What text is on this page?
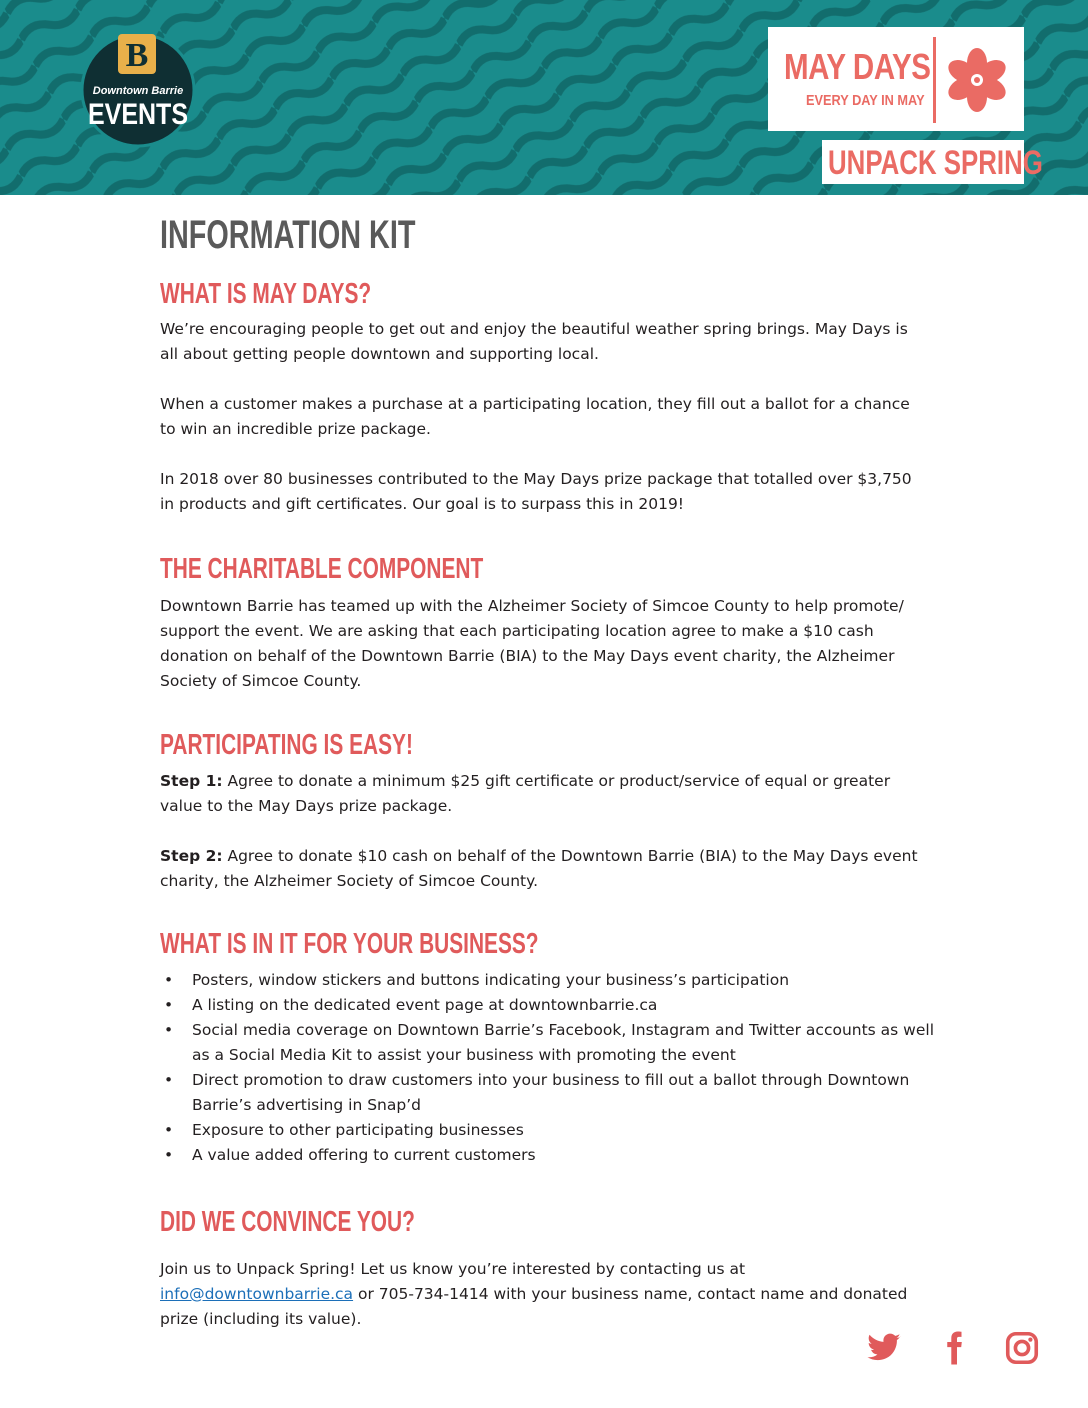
B
Downtown Barrie
EVENTS
MAY DAYS
EVERY DAY IN MAY
UNPACK SPRING
INFORMATION KIT
WHAT IS MAY DAYS?
We’re encouraging people to get out and enjoy the beautiful weather spring brings. May Days is all about getting people downtown and supporting local.
When a customer makes a purchase at a participating location, they fill out a ballot for a chance to win an incredible prize package.
In 2018 over 80 businesses contributed to the May Days prize package that totalled over $3,750 in products and gift certificates. Our goal is to surpass this in 2019!
THE CHARITABLE COMPONENT
Downtown Barrie has teamed up with the Alzheimer Society of Simcoe County to help promote/ support the event. We are asking that each participating location agree to make a $10 cash donation on behalf of the Downtown Barrie (BIA) to the May Days event charity, the Alzheimer Society of Simcoe County.
PARTICIPATING IS EASY!
Step 1: Agree to donate a minimum $25 gift certificate or product/service of equal or greater value to the May Days prize package.
Step 2: Agree to donate $10 cash on behalf of the Downtown Barrie (BIA) to the May Days event charity, the Alzheimer Society of Simcoe County.
WHAT IS IN IT FOR YOUR BUSINESS?
• Posters, window stickers and buttons indicating your business’s participation
• A listing on the dedicated event page at downtownbarrie.ca
• Social media coverage on Downtown Barrie’s Facebook, Instagram and Twitter accounts as well as a Social Media Kit to assist your business with promoting the event
• Direct promotion to draw customers into your business to fill out a ballot through Downtown Barrie’s advertising in Snap’d
• Exposure to other participating businesses
• A value added offering to current customers
DID WE CONVINCE YOU?
Join us to Unpack Spring! Let us know you’re interested by contacting us at info@downtownbarrie.ca or 705-734-1414 with your business name, contact name and donated prize (including its value).
